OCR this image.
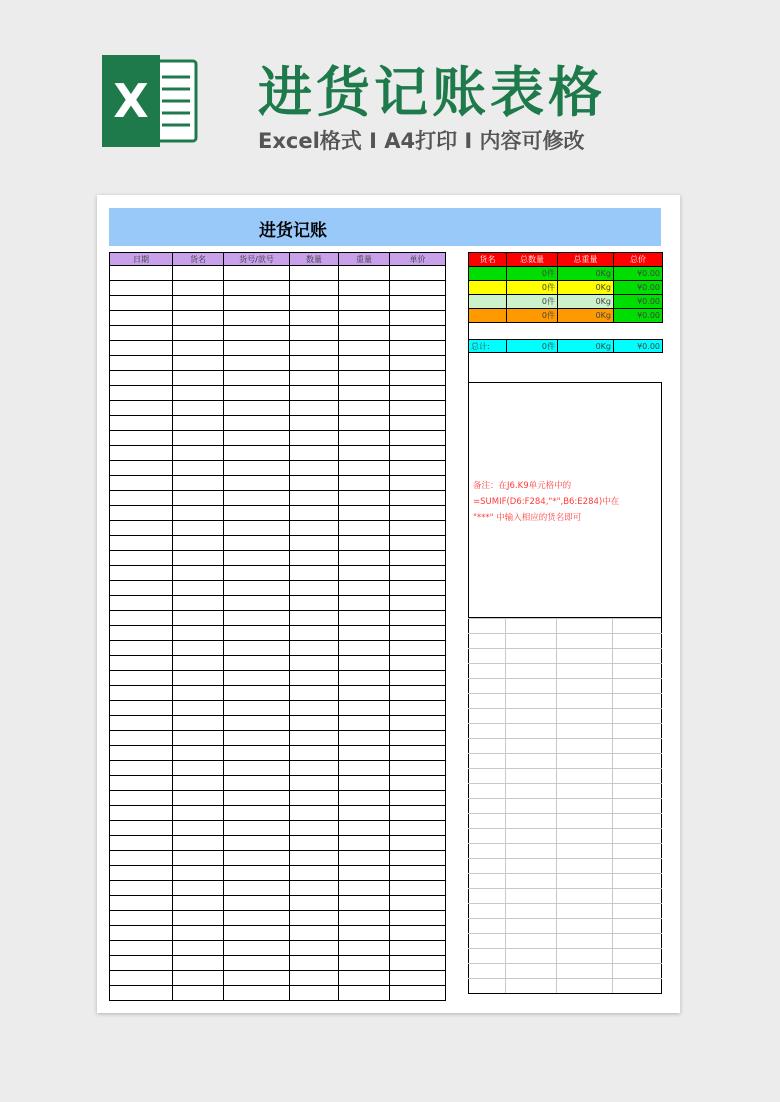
X 进货记账表格
Excel格式 I A4打印 I 内容可修改
进货记账
日期	货名	货号/款号	数量	重量	单价

						货名	总数量	总重量	总价
	0件	0Kg	¥0.00
	0件	0Kg	¥0.00
	0件	0Kg	¥0.00
	0件	0Kg	¥0.00
总计:	0件	0Kg	¥0.00
备注：在J6.K9单元格中的
=SUMIF(D6:F284,"*",B6:E284)中在
"***" 中输入相应的货名即可
